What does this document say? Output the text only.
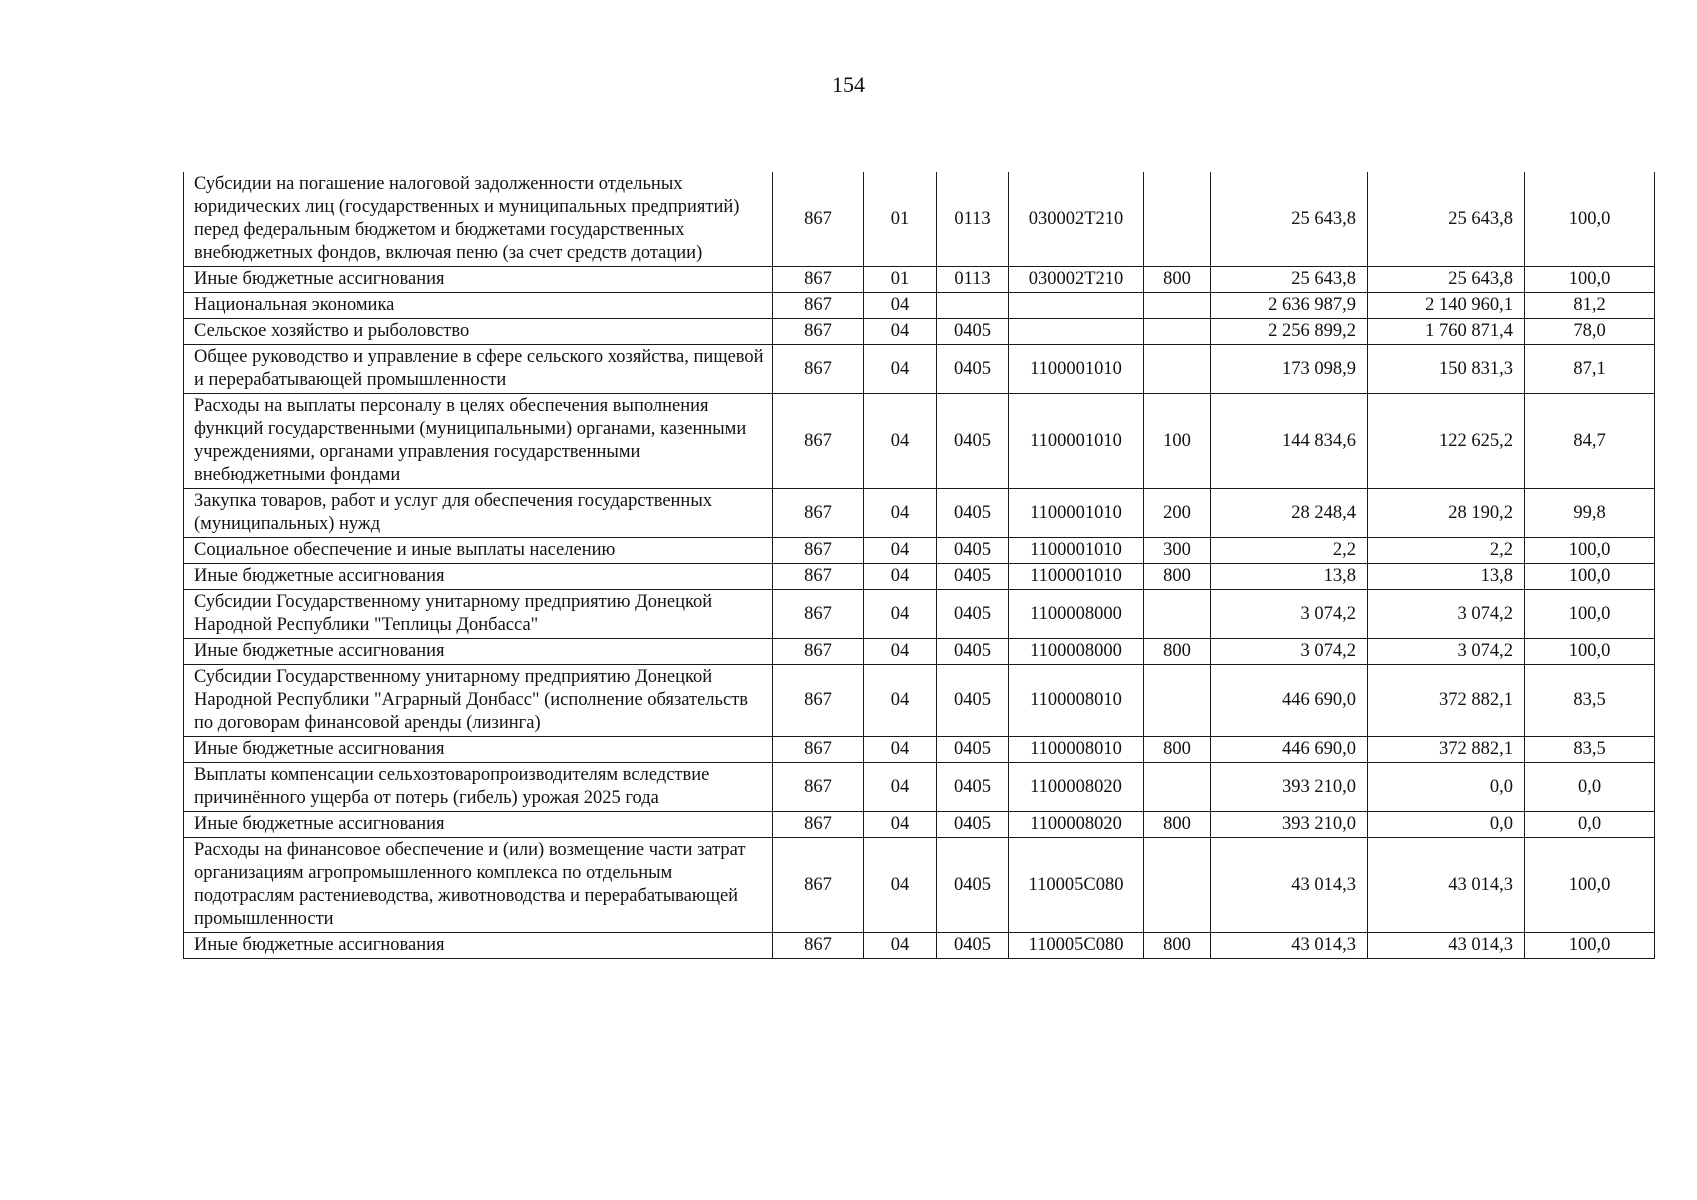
154
Субсидии на погашение налоговой задолженности отдельных юридических лиц (государственных и муниципальных предприятий) перед федеральным бюджетом и бюджетами государственных внебюджетных фондов, включая пеню (за счет средств дотации)	867	01	0113	030002Т210		25 643,8	25 643,8	100,0
Иные бюджетные ассигнования	867	01	0113	030002Т210	800	25 643,8	25 643,8	100,0
Национальная экономика	867	04				2 636 987,9	2 140 960,1	81,2
Сельское хозяйство и рыболовство	867	04	0405			2 256 899,2	1 760 871,4	78,0
Общее руководство и управление в сфере сельского хозяйства, пищевой и перерабатывающей промышленности	867	04	0405	1100001010		173 098,9	150 831,3	87,1
Расходы на выплаты персоналу в целях обеспечения выполнения функций государственными (муниципальными) органами, казенными учреждениями, органами управления государственными внебюджетными фондами	867	04	0405	1100001010	100	144 834,6	122 625,2	84,7
Закупка товаров, работ и услуг для обеспечения государственных (муниципальных) нужд	867	04	0405	1100001010	200	28 248,4	28 190,2	99,8
Социальное обеспечение и иные выплаты населению	867	04	0405	1100001010	300	2,2	2,2	100,0
Иные бюджетные ассигнования	867	04	0405	1100001010	800	13,8	13,8	100,0
Субсидии Государственному унитарному предприятию Донецкой Народной Республики "Теплицы Донбасса"	867	04	0405	1100008000		3 074,2	3 074,2	100,0
Иные бюджетные ассигнования	867	04	0405	1100008000	800	3 074,2	3 074,2	100,0
Субсидии Государственному унитарному предприятию Донецкой Народной Республики "Аграрный Донбасс" (исполнение обязательств по договорам финансовой аренды (лизинга)	867	04	0405	1100008010		446 690,0	372 882,1	83,5
Иные бюджетные ассигнования	867	04	0405	1100008010	800	446 690,0	372 882,1	83,5
Выплаты компенсации сельхозтоваропроизводителям вследствие причинённого ущерба от потерь (гибель) урожая 2025 года	867	04	0405	1100008020		393 210,0	0,0	0,0
Иные бюджетные ассигнования	867	04	0405	1100008020	800	393 210,0	0,0	0,0
Расходы на финансовое обеспечение и (или) возмещение части затрат организациям агропромышленного комплекса по отдельным подотраслям растениеводства, животноводства и перерабатывающей промышленности	867	04	0405	110005С080		43 014,3	43 014,3	100,0
Иные бюджетные ассигнования	867	04	0405	110005С080	800	43 014,3	43 014,3	100,0
